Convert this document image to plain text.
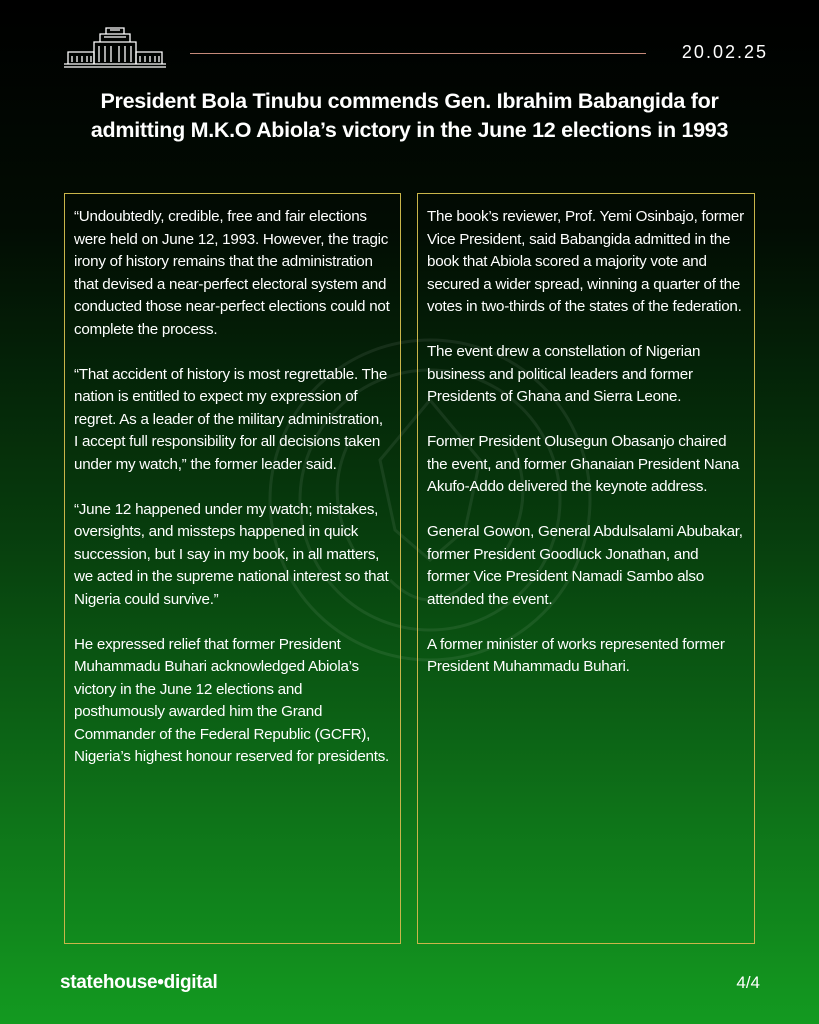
20.02.25
President Bola Tinubu commends Gen. Ibrahim Babangida for admitting M.K.O Abiola’s victory in the June 12 elections in 1993

“Undoubtedly, credible, free and fair elections were held on June 12, 1993. However, the tragic irony of history remains that the administration that devised a near-perfect electoral system and conducted those near-perfect elections could not complete the process.

“That accident of history is most regrettable. The nation is entitled to expect my expression of regret. As a leader of the military administration, I accept full responsibility for all decisions taken under my watch,” the former leader said.

“June 12 happened under my watch; mistakes, oversights, and missteps happened in quick succession, but I say in my book, in all matters, we acted in the supreme national interest so that Nigeria could survive.”

He expressed relief that former President Muhammadu Buhari acknowledged Abiola’s victory in the June 12 elections and posthumously awarded him the Grand Commander of the Federal Republic (GCFR), Nigeria’s highest honour reserved for presidents.

The book’s reviewer, Prof. Yemi Osinbajo, former Vice President, said Babangida admitted in the book that Abiola scored a majority vote and secured a wider spread, winning a quarter of the votes in two-thirds of the states of the federation.

The event drew a constellation of Nigerian business and political leaders and former Presidents of Ghana and Sierra Leone.

Former President Olusegun Obasanjo chaired the event, and former Ghanaian President Nana Akufo-Addo delivered the keynote address.

General Gowon, General Abdulsalami Abubakar, former President Goodluck Jonathan, and former Vice President Namadi Sambo also attended the event.

A former minister of works represented former President Muhammadu Buhari.

statehouse•digital	4/4
